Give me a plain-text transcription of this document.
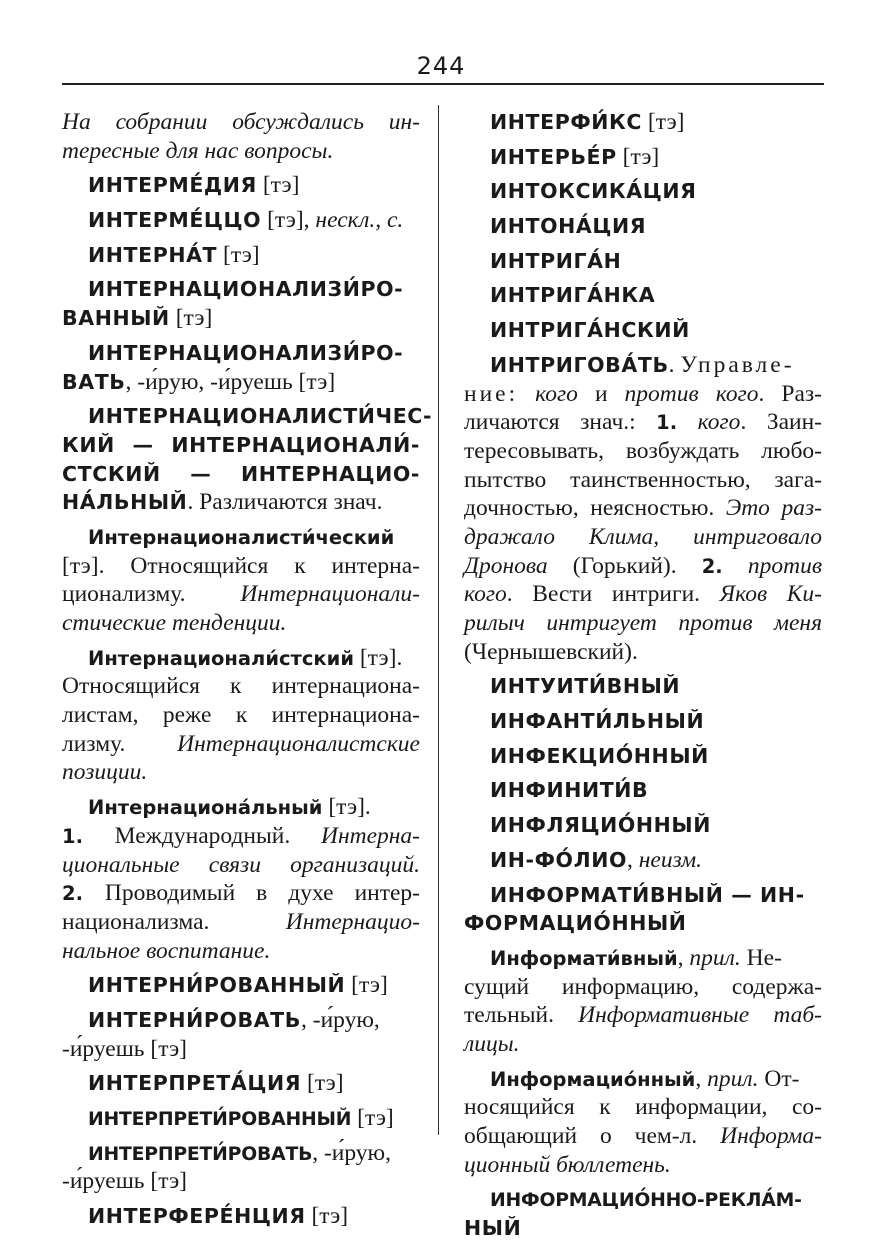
244
На собрании обсуждались ин-
тересные для нас вопросы.
ИНТЕРМЕ́ДИЯ [тэ]
ИНТЕРМЕ́ЦЦО [тэ], нескл., с.
ИНТЕРНА́Т [тэ]
ИНТЕРНАЦИОНАЛИЗИ́РО-
ВАННЫЙ [тэ]
ИНТЕРНАЦИОНАЛИЗИ́РО-
ВАТЬ, -и́рую, -и́руешь [тэ]
ИНТЕРНАЦИОНАЛИСТИ́ЧЕС-
КИЙ — ИНТЕРНАЦИОНАЛИ́-
СТСКИЙ — ИНТЕРНАЦИО-
НА́ЛЬНЫЙ. Различаются знач.
Интернационалисти́ческий
[тэ]. Относящийся к интерна-
ционализму. Интернационали-
стические тенденции.
Интернационали́стский [тэ].
Относящийся к интернациона-
листам, реже к интернациона-
лизму. Интернационалистские
позиции.
Интернациона́льный [тэ].
1. Международный. Интерна-
циональные связи организаций.
2. Проводимый в духе интер-
национализма. Интернацио-
нальное воспитание.
ИНТЕРНИ́РОВАННЫЙ [тэ]
ИНТЕРНИ́РОВАТЬ, -и́рую,
-и́руешь [тэ]
ИНТЕРПРЕТА́ЦИЯ [тэ]
ИНТЕРПРЕТИ́РОВАННЫЙ [тэ]
ИНТЕРПРЕТИ́РОВАТЬ, -и́рую,
-и́руешь [тэ]
ИНТЕРФЕРЕ́НЦИЯ [тэ]
ИНТЕРФИ́КС [тэ]
ИНТЕРЬЕ́Р [тэ]
ИНТОКСИКА́ЦИЯ
ИНТОНА́ЦИЯ
ИНТРИГА́Н
ИНТРИГА́НКА
ИНТРИГА́НСКИЙ
ИНТРИГОВА́ТЬ. Управле-
ние: кого и против кого. Раз-
личаются знач.: 1. кого. Заин-
тересовывать, возбуждать любо-
пытство таинственностью, зага-
дочностью, неясностью. Это раз-
дражало Клима, интриговало
Дронова (Горький). 2. против
кого. Вести интриги. Яков Ки-
рилыч интригует против меня
(Чернышевский).
ИНТУИТИ́ВНЫЙ
ИНФАНТИ́ЛЬНЫЙ
ИНФЕКЦИО́ННЫЙ
ИНФИНИТИ́В
ИНФЛЯЦИО́ННЫЙ
ИН-ФО́ЛИО, неизм.
ИНФОРМАТИ́ВНЫЙ — ИН-
ФОРМАЦИО́ННЫЙ
Информати́вный, прил. Не-
сущий информацию, содержа-
тельный. Информативные таб-
лицы.
Информацио́нный, прил. От-
носящийся к информации, со-
общающий о чем-л. Информа-
ционный бюллетень.
ИНФОРМАЦИО́ННО-РЕКЛА́М-
НЫЙ
